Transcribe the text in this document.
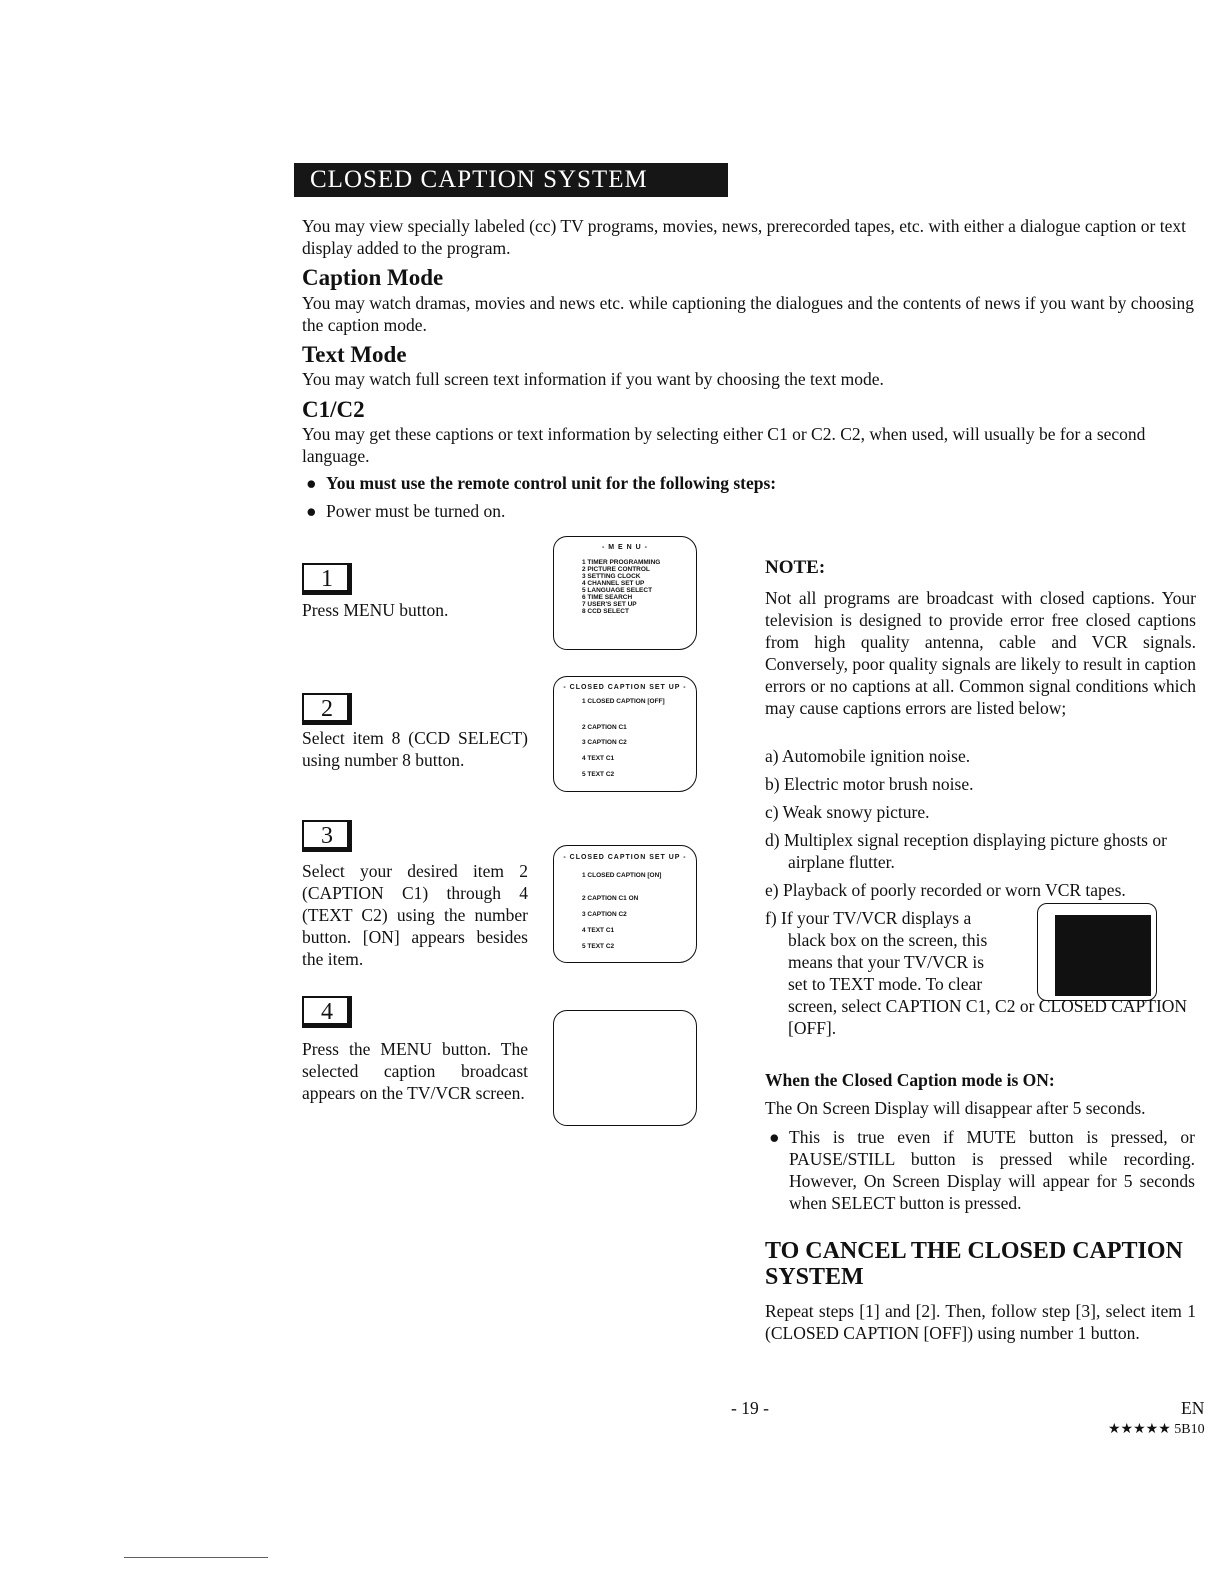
CLOSED CAPTION SYSTEM

You may view specially labeled (cc) TV programs, movies, news, prerecorded tapes, etc. with either a dialogue caption or text display added to the program.

Caption Mode

You may watch dramas, movies and news etc. while captioning the dialogues and the contents of news if you want by choosing the caption mode.

Text Mode

You may watch full screen text information if you want by choosing the text mode.

C1/C2

You may get these captions or text information by selecting either C1 or C2. C2, when used, will usually be for a second language.

● You must use the remote control unit for the following steps:
● Power must be turned on.
1

Press MENU button.

2

Select item 8 (CCD SELECT) using number 8 button.

3

Select your desired item 2 (CAPTION C1) through 4 (TEXT C2) using the number button. [ON] appears besides the item.

4

Press the MENU button. The selected caption broadcast appears on the TV/VCR screen.

- M E N U -
1 TIMER PROGRAMMING
2 PICTURE CONTROL
3 SETTING CLOCK
4 CHANNEL SET UP
5 LANGUAGE SELECT
6 TIME SEARCH
7 USER'S SET UP
8 CCD SELECT
- CLOSED CAPTION SET UP -
1 CLOSED CAPTION [OFF]
2 CAPTION C1
3 CAPTION C2
4 TEXT C1
5 TEXT C2
- CLOSED CAPTION SET UP -
1 CLOSED CAPTION [ON]
2 CAPTION C1 ON
3 CAPTION C2
4 TEXT C1
5 TEXT C2
NOTE:

Not all programs are broadcast with closed captions. Your television is designed to provide error free closed captions from high quality antenna, cable and VCR signals. Conversely, poor quality signals are likely to result in caption errors or no captions at all. Common signal conditions which may cause captions errors are listed below;

a) Automobile ignition noise.

b) Electric motor brush noise.

c) Weak snowy picture.

d) Multiplex signal reception displaying picture ghosts or airplane flutter.

e) Playback of poorly recorded or worn VCR tapes.

f) If your TV/VCR displays a black box on the screen, this means that your TV/VCR is set to TEXT mode. To clear screen, select CAPTION C1, C2 or CLOSED CAPTION [OFF].

When the Closed Caption mode is ON:

The On Screen Display will disappear after 5 seconds.

● This is true even if MUTE button is pressed, or PAUSE/STILL button is pressed while recording. However, On Screen Display will appear for 5 seconds when SELECT button is pressed.
TO CANCEL THE CLOSED CAPTION SYSTEM

Repeat steps [1] and [2]. Then, follow step [3], select item 1 (CLOSED CAPTION [OFF]) using number 1 button.

- 19 -	EN
★★★★★ 5B10
